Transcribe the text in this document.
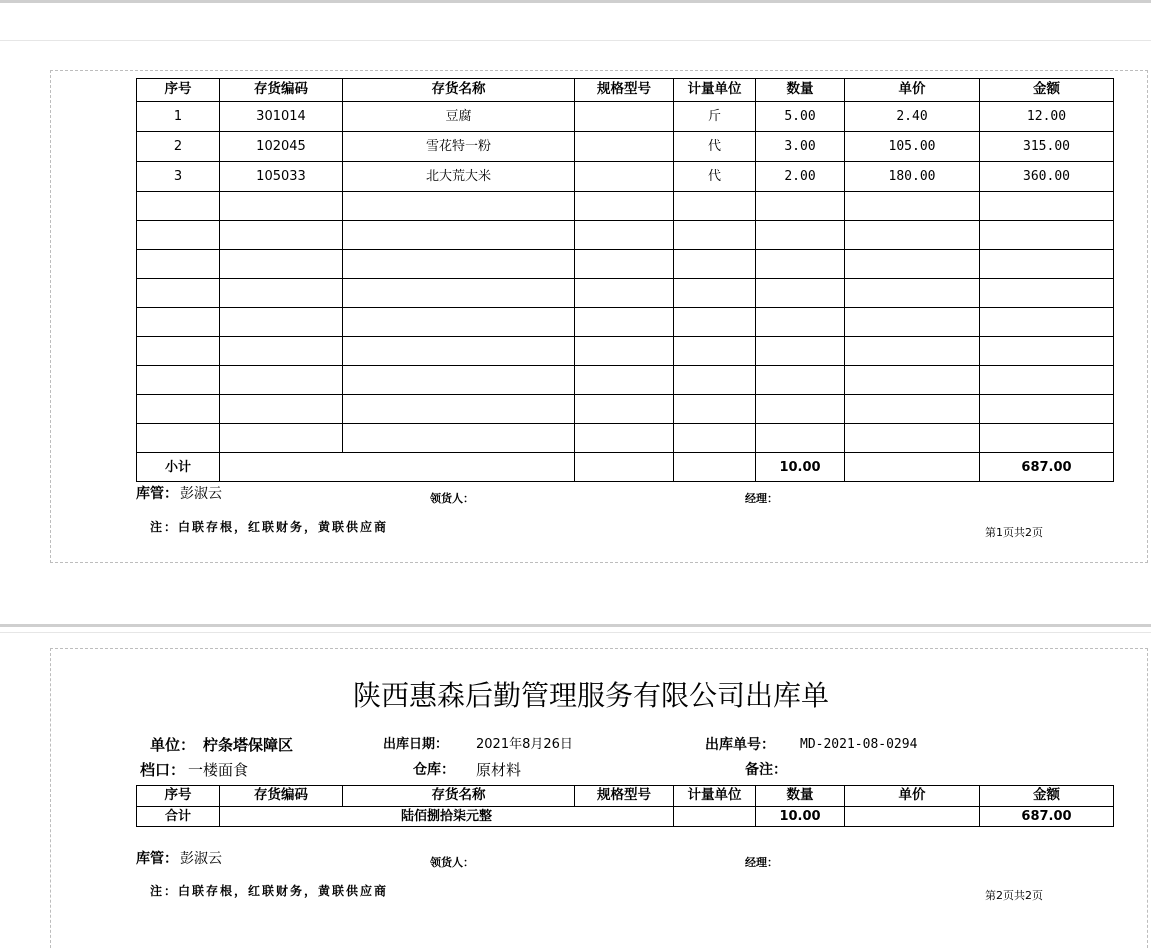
序号	存货编码	存货名称	规格型号	计量单位	数量	单价	金额
1	301014	豆腐		斤	5.00	2.40	12.00
2	102045	雪花特一粉		代	3.00	105.00	315.00
3	105033	北大荒大米		代	2.00	180.00	360.00

小计					10.00		687.00
库管： 彭淑云	领货人：	经理：
注：白联存根，红联财务，黄联供应商	第1页共2页
陕西惠森后勤管理服务有限公司出库单
单位： 柠条塔保障区	出库日期： 2021年8月26日	出库单号： MD-2021-08-0294
档口： 一楼面食	仓库： 原材料	备注：
序号	存货编码	存货名称	规格型号	计量单位	数量	单价	金额
合计	陆佰捌拾柒元整				10.00		687.00
库管： 彭淑云	领货人：	经理：
注：白联存根，红联财务，黄联供应商	第2页共2页
